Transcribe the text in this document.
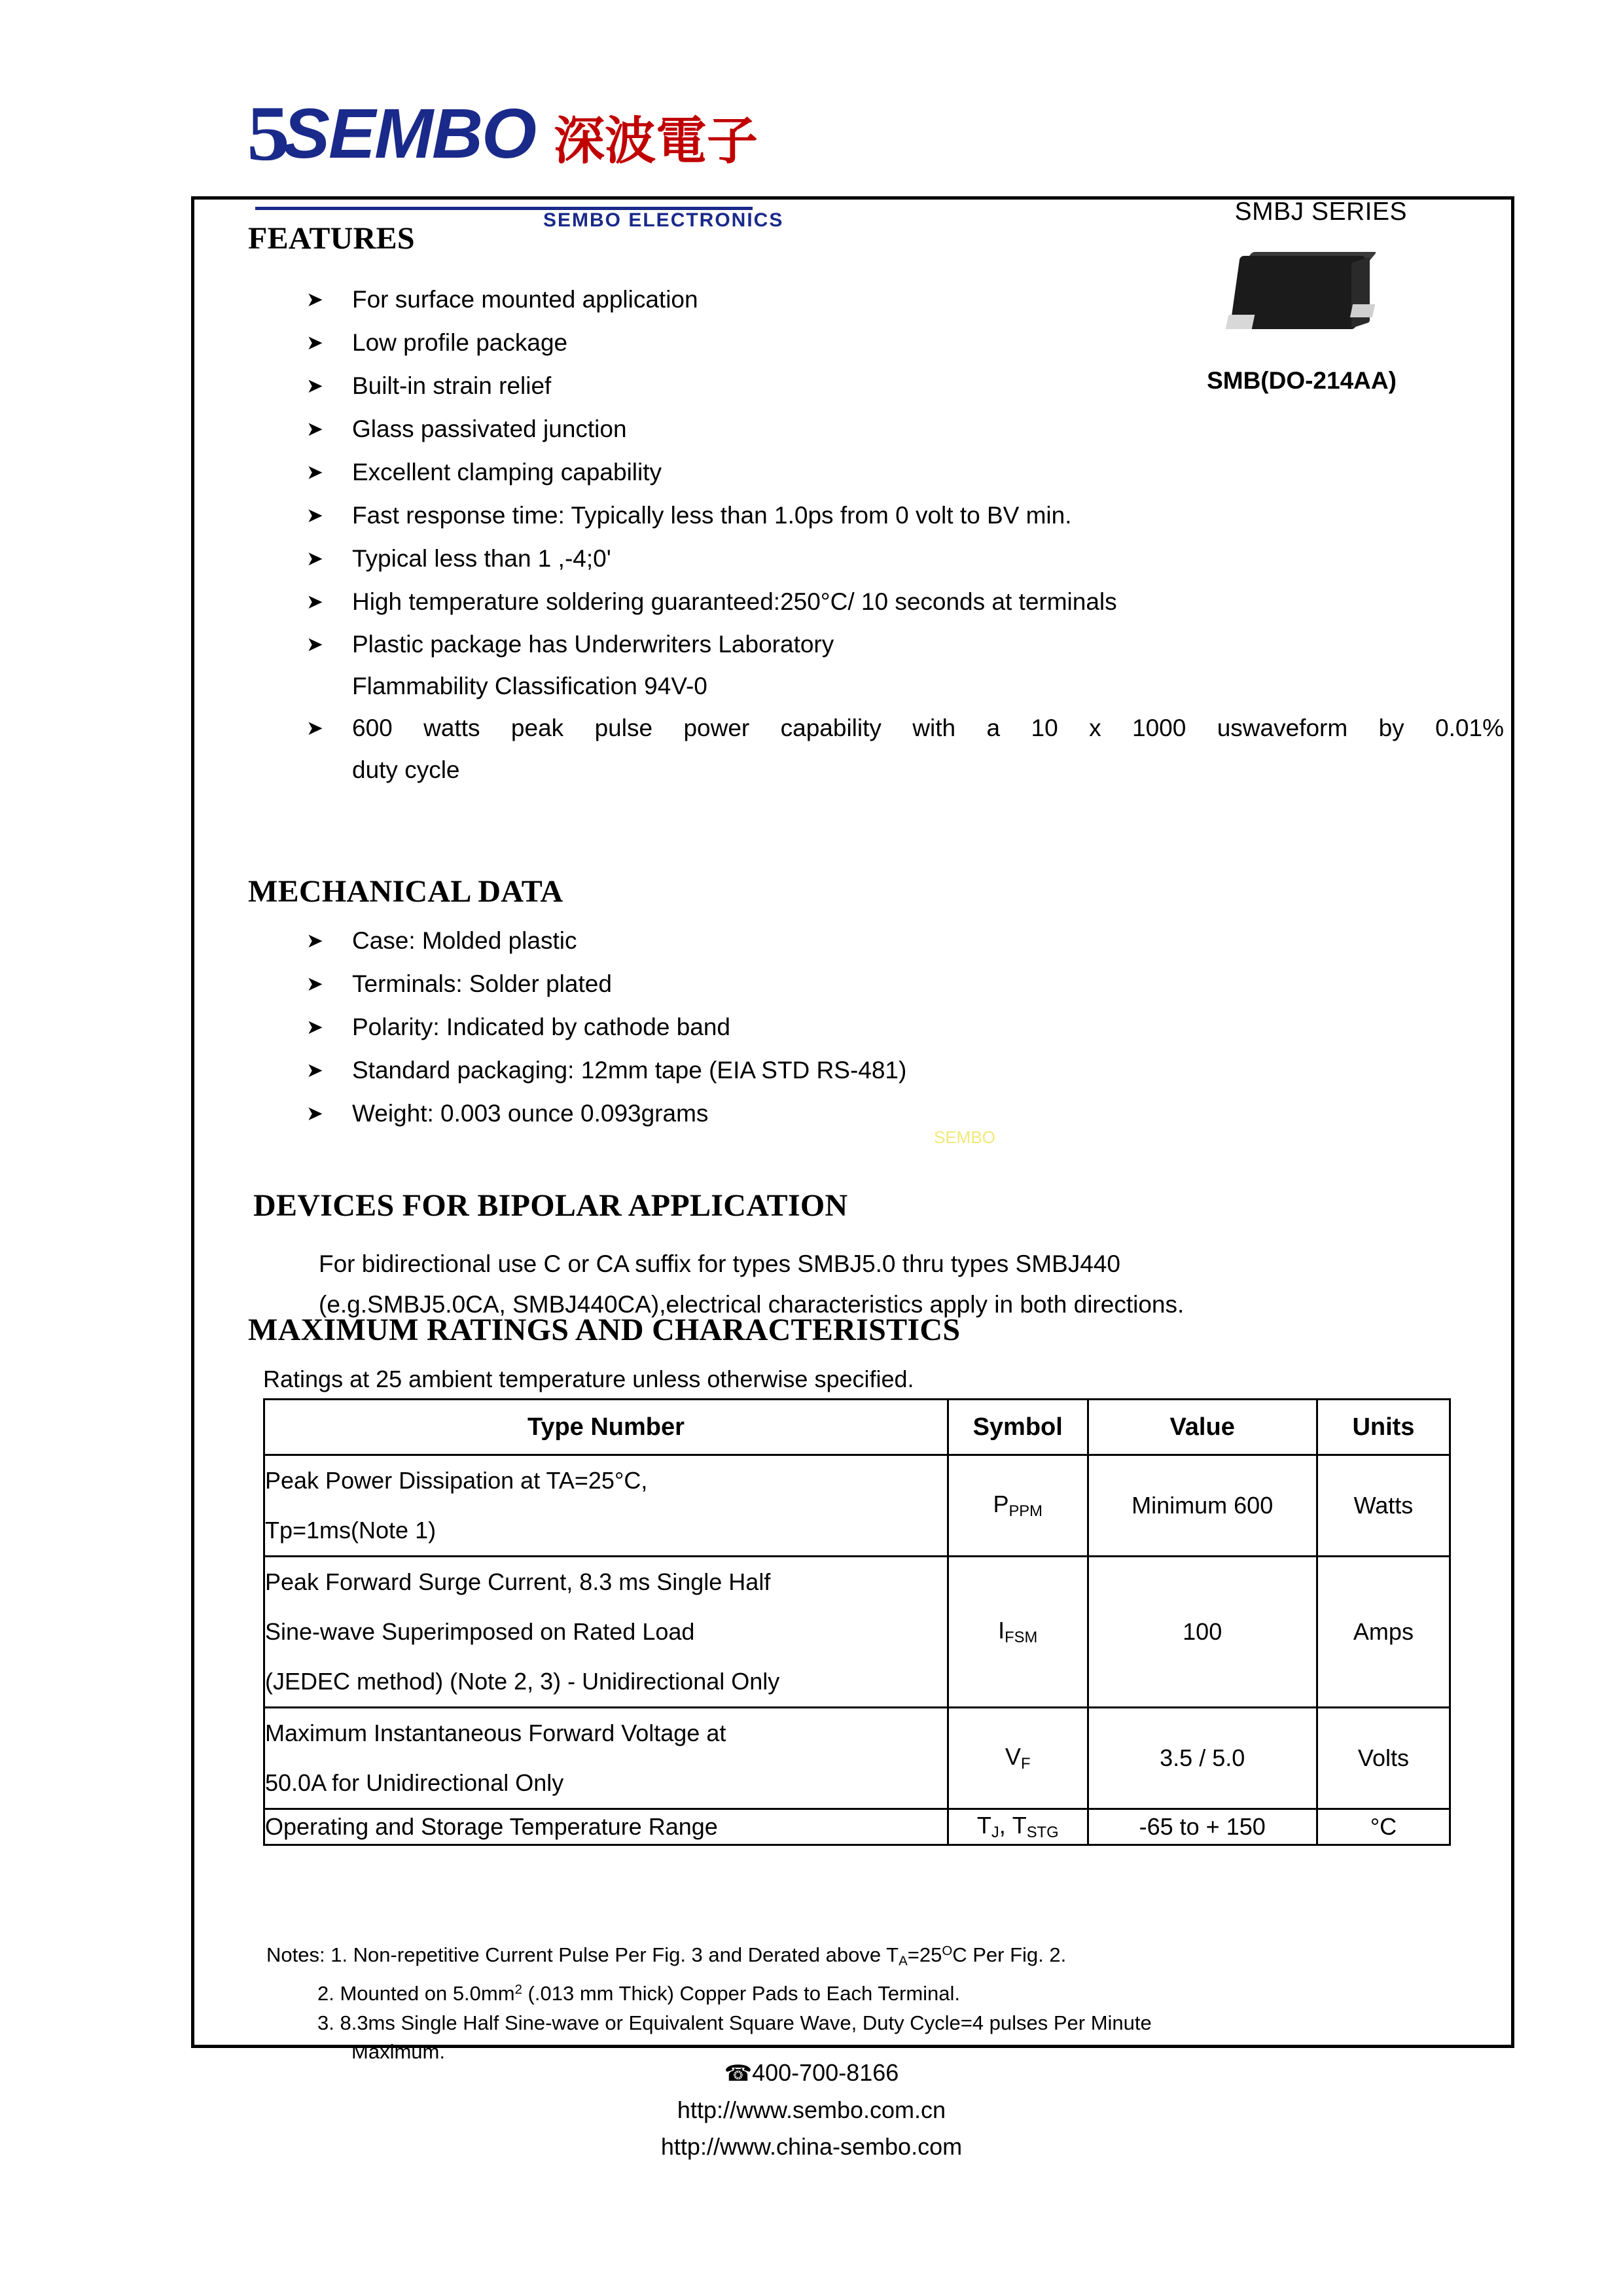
5
SEMBO 深波電子
SEMBO ELECTRONICS	SMBJ SERIES
SMB(DO-214AA)
FEATURES
➤ For surface mounted application
➤ Low profile package
➤ Built-in strain relief
➤ Glass passivated junction
➤ Excellent clamping capability
➤ Fast response time: Typically less than 1.0ps from 0 volt to BV min.
➤ Typical less than 1 ,-4;0'
➤ High temperature soldering guaranteed:250°C/ 10 seconds at terminals
➤ Plastic package has Underwriters Laboratory
Flammability Classification 94V-0
➤ 600 watts peak pulse power capability with a 10 x 1000 uswaveform by 0.01%
duty cycle
MECHANICAL DATA
➤ Case: Molded plastic
➤ Terminals: Solder plated
➤ Polarity: Indicated by cathode band
➤ Standard packaging: 12mm tape (EIA STD RS-481)
➤ Weight: 0.003 ounce 0.093grams
SEMBO
DEVICES FOR BIPOLAR APPLICATION
For bidirectional use C or CA suffix for types SMBJ5.0 thru types SMBJ440
(e.g.SMBJ5.0CA, SMBJ440CA),electrical characteristics apply in both directions.
MAXIMUM RATINGS AND CHARACTERISTICS
Ratings at 25 ambient temperature unless otherwise specified.
Type Number	Symbol	Value	Units

Peak Power Dissipation at TA=25°C,
Tp=1ms(Note 1)	$P_{PPM}$	Minimum 600	Watts

Peak Forward Surge Current, 8.3 ms Single Half
Sine-wave Superimposed on Rated Load
(JEDEC method) (Note 2, 3) - Unidirectional Only	$I_{FSM}$	100	Amps

Maximum Instantaneous Forward Voltage at
50.0A for Unidirectional Only	$V_F$	3.5 / 5.0	Volts

Operating and Storage Temperature Range	$T_J$, $T_{STG}$	-65 to + 150	°C
Notes: 1. Non-repetitive Current Pulse Per Fig. 3 and Derated above $T_A=25^OC$ Per Fig. 2.
2. Mounted on $5.0mm^2$ (.013 mm Thick) Copper Pads to Each Terminal.
3. 8.3ms Single Half Sine-wave or Equivalent Square Wave, Duty Cycle=4 pulses Per Minute
Maximum.
☎400-700-8166
http://www.sembo.com.cn
http://www.china-sembo.com
